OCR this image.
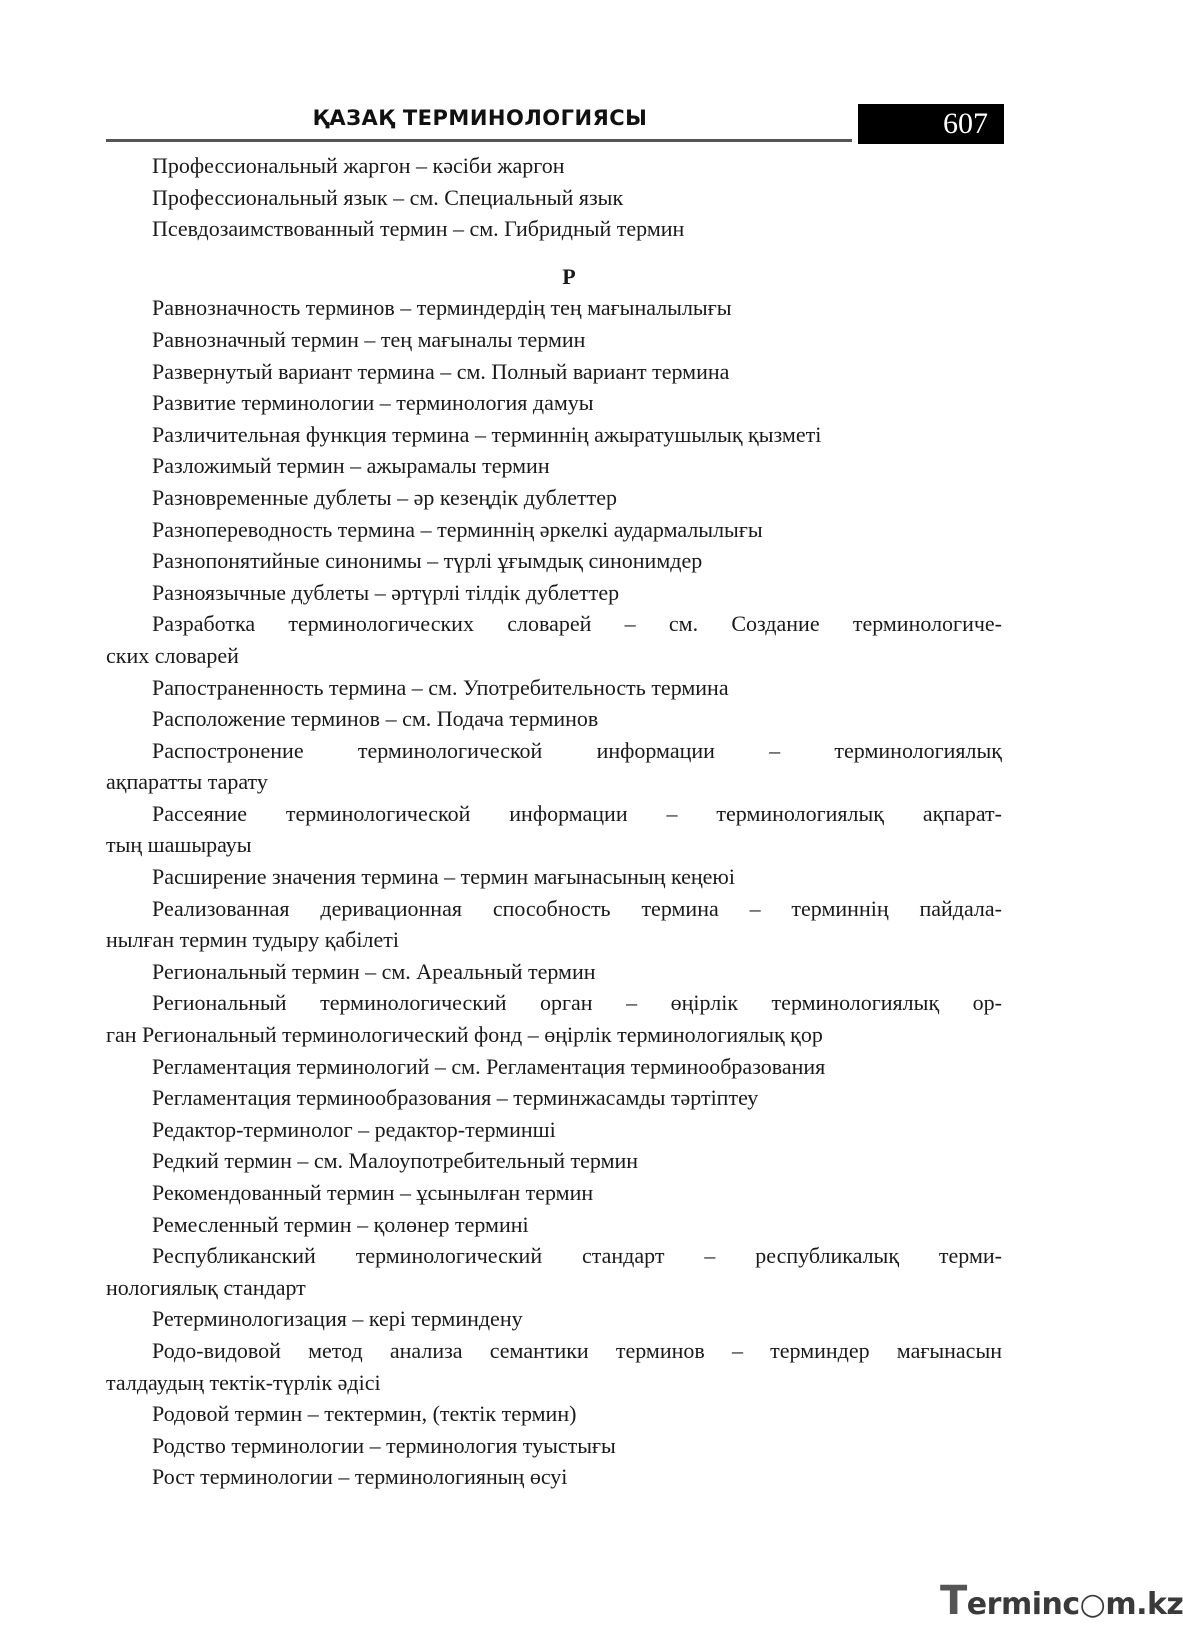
ҚАЗАҚ ТЕРМИНОЛОГИЯСЫ	607
Профессиональный жаргон – кәсіби жаргон
Профессиональный язык – см. Специальный язык
Псевдозаимствованный термин – см. Гибридный термин
Р
Равнозначность терминов – терминдердің тең мағыналылығы
Равнозначный термин – тең мағыналы термин
Развернутый вариант термина – см. Полный вариант термина
Развитие терминологии – терминология дамуы
Различительная функция термина – терминнің ажыратушылық қызметі
Разложимый термин – ажырамалы термин
Разновременные дублеты – әр кезеңдік дублеттер
Разнопереводность термина – терминнің әркелкі аудармалылығы
Разнопонятийные синонимы – түрлі ұғымдық синонимдер
Разноязычные дублеты – әртүрлі тілдік дублеттер
Разработка терминологических словарей – см. Создание терминологиче-
ских словарей
Рапостраненность термина – см. Употребительность термина
Расположение терминов – см. Подача терминов
Распостронение терминологической информации – терминологиялық
ақпаратты тарату
Рассеяние терминологической информации – терминологиялық ақпарат-
тың шашырауы
Расширение значения термина – термин мағынасының кеңеюі
Реализованная деривационная способность термина – терминнің пайдала-
нылған термин тудыру қабілеті
Региональный термин – см. Ареальный термин
Региональный терминологический орган – өңірлік терминологиялық ор-
ган Региональный терминологический фонд – өңірлік терминологиялық қор
Регламентация терминологий – см. Регламентация терминообразования
Регламентация терминообразования – терминжасамды тәртіптеу
Редактор-терминолог – редактор-терминші
Редкий термин – см. Малоупотребительный термин
Рекомендованный термин – ұсынылған термин
Ремесленный термин – қолөнер термині
Республиканский терминологический стандарт – республикалық терми-
нологиялық стандарт
Ретерминологизация – кері терминдену
Родо-видовой метод анализа семантики терминов – терминдер мағынасын
талдаудың тектік-түрлік әдісі
Родовой термин – тектермин, (тектік термин)
Родство терминологии – терминология туыстығы
Рост терминологии – терминологияның өсуі
Terminc○m.kz
